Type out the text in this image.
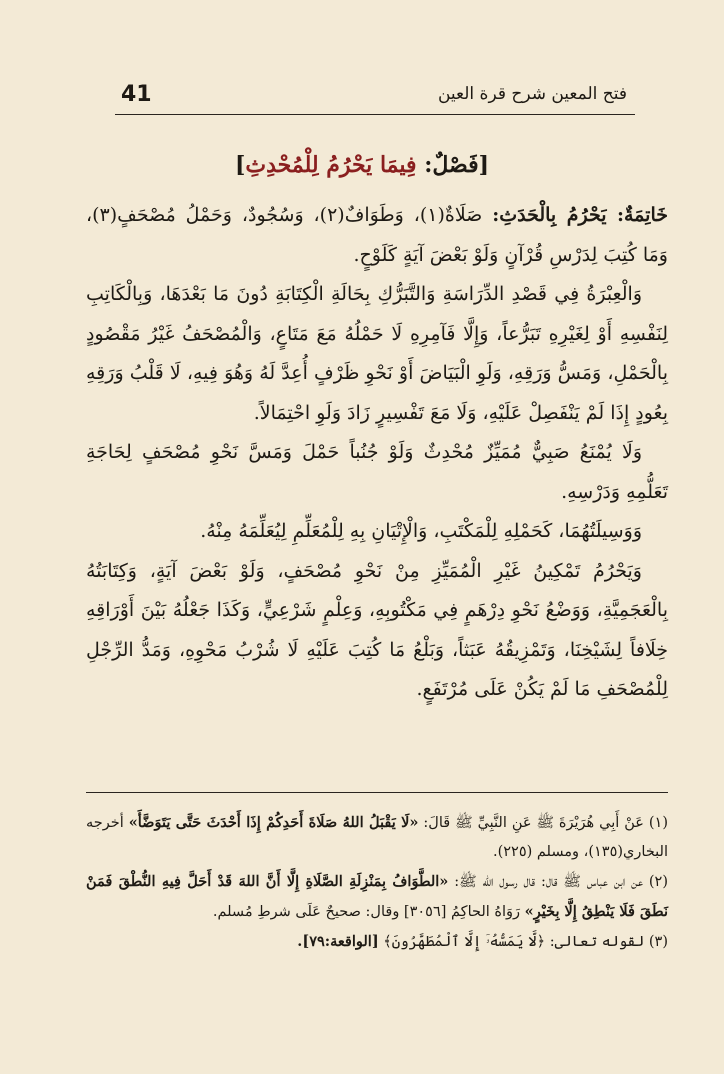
41	فتح المعين شرح قرة العين
[فَصْلٌ: فِيمَا يَحْرُمُ لِلْمُحْدِثِ]

خَاتِمَةٌ: يَحْرُمُ بِالْحَدَثِ: صَلَاةٌ(١)، وَطَوَافٌ(٢)، وَسُجُودٌ، وَحَمْلُ مُصْحَفٍ(٣)، وَمَا كُتِبَ لِدَرْسِ قُرْآنٍ وَلَوْ بَعْضَ آيَةٍ كَلَوْحٍ.

وَالْعِبْرَةُ فِي قَصْدِ الدِّرَاسَةِ وَالتَّبَرُّكِ بِحَالَةِ الْكِتَابَةِ دُونَ مَا بَعْدَهَا، وَبِالْكَاتِبِ لِنَفْسِهِ أَوْ لِغَيْرِهِ تَبَرُّعاً، وَإِلَّا فَآمِرِهِ لَا حَمْلُهُ مَعَ مَتَاعٍ، وَالْمُصْحَفُ غَيْرُ مَقْصُودٍ بِالْحَمْلِ، وَمَسُّ وَرَقِهِ، وَلَوِ الْبَيَاضَ أَوْ نَحْوِ ظَرْفٍ أُعِدَّ لَهُ وَهُوَ فِيهِ، لَا قَلْبُ وَرَقِهِ بِعُودٍ إِذَا لَمْ يَنْفَصِلْ عَلَيْهِ، وَلَا مَعَ تَفْسِيرٍ زَادَ وَلَوِ احْتِمَالاً.

وَلَا يُمْنَعُ صَبِيٌّ مُمَيِّزٌ مُحْدِثٌ وَلَوْ جُنُباً حَمْلَ وَمَسَّ نَحْوِ مُصْحَفٍ لِحَاجَةِ تَعَلُّمِهِ وَدَرْسِهِ.

وَوَسِيلَتُهُمَا، كَحَمْلِهِ لِلْمَكْتَبِ، وَالْإِتْيَانِ بِهِ لِلْمُعَلِّمِ لِيُعَلِّمَهُ مِنْهُ.

وَيَحْرُمُ تَمْكِينُ غَيْرِ الْمُمَيِّزِ مِنْ نَحْوِ مُصْحَفٍ، وَلَوْ بَعْضَ آيَةٍ، وَكِتَابَتُهُ بِالْعَجَمِيَّةِ، وَوَضْعُ نَحْوِ دِرْهَمٍ فِي مَكْتُوبِهِ، وَعِلْمٍ شَرْعِيٍّ، وَكَذَا جَعْلُهُ بَيْنَ أَوْرَاقِهِ خِلَافاً لِشَيْخِنَا، وَتَمْزِيقُهُ عَبَثاً، وَبَلْعُ مَا كُتِبَ عَلَيْهِ لَا شُرْبُ مَحْوِهِ، وَمَدُّ الرِّجْلِ لِلْمُصْحَفِ مَا لَمْ يَكُنْ عَلَى مُرْتَفَعٍ.

(١) عَنْ أَبِي هُرَيْرَةَ ﷺ عَنِ النَّبِيِّ ﷺ قَالَ: «لَا يَقْبَلُ اللهُ صَلَاةَ أَحَدِكُمْ إِذَا أَحْدَثَ حَتَّى يَتَوَضَّأَ» أخرجه البخاري(١٣٥)، ومسلم (٢٢٥).

(٢) عن ابن عباس ﷺ قال: قال رسول الله ﷺ: «الطَّوَافُ بِمَنْزِلَةِ الصَّلَاةِ إِلَّا أَنَّ اللهَ قَدْ أَحَلَّ فِيهِ النُّطْقَ فَمَنْ نَطَقَ فَلَا يَنْطِقُ إِلَّا بِخَيْرٍ» رَوَاهُ الحاكِمُ [٣٠٥٦] وقال: صحيحٌ عَلَى شرطِ مُسلم.

(٣) لقوله تعالى: ﴿لَّا يَمَسُّهُۥٓ إِلَّا ٱلْمُطَهَّرُونَ﴾ [الواقعة:٧٩].
